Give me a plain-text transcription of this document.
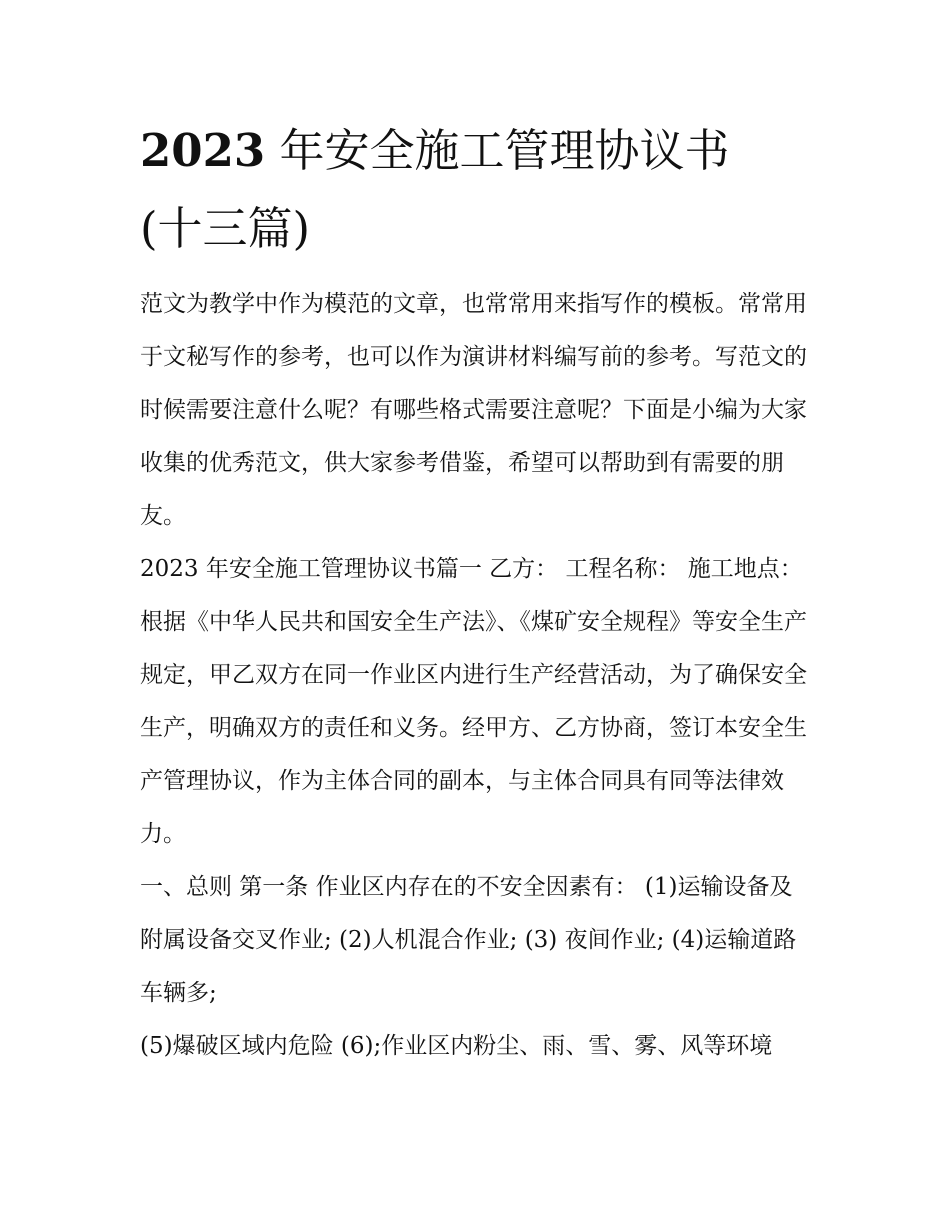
2023 年安全施工管理协议书
(十三篇)

范文为教学中作为模范的文章，也常常用来指写作的模板。常常用于文秘写作的参考，也可以作为演讲材料编写前的参考。写范文的时候需要注意什么呢？有哪些格式需要注意呢？下面是小编为大家收集的优秀范文，供大家参考借鉴，希望可以帮助到有需要的朋友。

2023 年安全施工管理协议书篇一 乙方： 工程名称： 施工地点：

根据《中华人民共和国安全生产法》、《煤矿安全规程》等安全生产规定，甲乙双方在同一作业区内进行生产经营活动，为了确保安全生产，明确双方的责任和义务。经甲方、乙方协商，签订本安全生产管理协议，作为主体合同的副本，与主体合同具有同等法律效力。

一、总则 第一条 作业区内存在的不安全因素有： (1)运输设备及附属设备交叉作业; (2)人机混合作业; (3) 夜间作业; (4)运输道路车辆多;

(5)爆破区域内危险 (6);作业区内粉尘、雨、雪、雾、风等环境
